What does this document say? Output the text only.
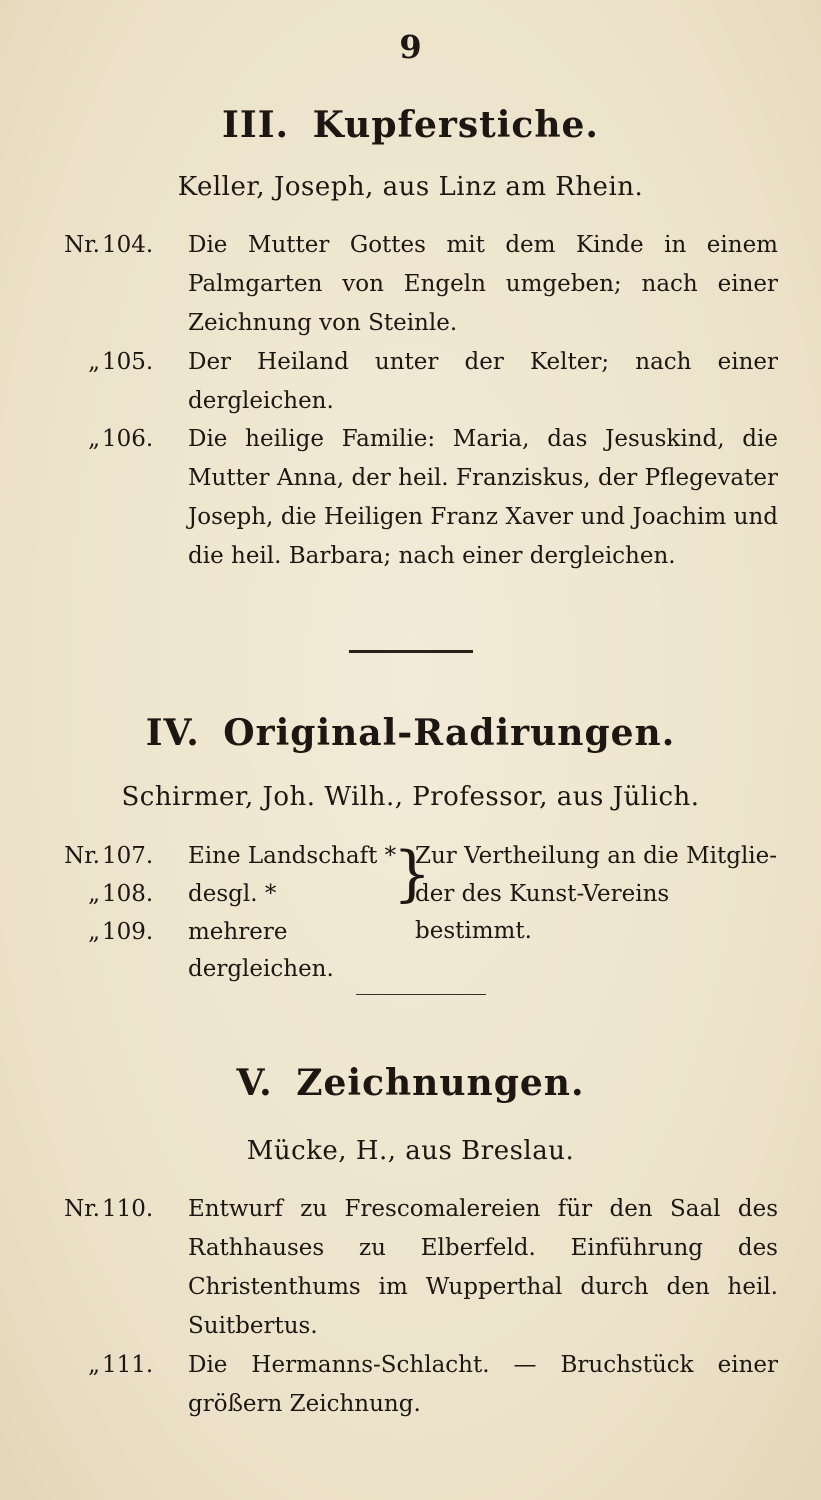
9
III. Kupferstiche.
Keller, Joseph, aus Linz am Rhein.
Nr. 104.	Die Mutter Gottes mit dem Kinde in einem Palmgarten von Engeln umgeben; nach einer Zeichnung von Steinle.
„ 105.	Der Heiland unter der Kelter; nach einer dergleichen.
„ 106.	Die heilige Familie: Maria, das Jesuskind, die Mutter Anna, der heil. Franziskus, der Pflegevater Joseph, die Heiligen Franz Xaver und Joachim und die heil. Barbara; nach einer dergleichen.
IV. Original-Radirungen.
Schirmer, Joh. Wilh., Professor, aus Jülich.
Nr. 107.	Eine Landschaft *
„ 108.	desgl. *	}
Zur Vertheilung an die Mitglie-
der des Kunst-Vereins bestimmt.
„ 109.	mehrere dergleichen.
V. Zeichnungen.
Mücke, H., aus Breslau.
Nr. 110.	Entwurf zu Frescomalereien für den Saal des Rathhauses zu Elberfeld. Einführung des Christenthums im Wupperthal durch den heil. Suitbertus.
„ 111.	Die Hermanns-Schlacht. — Bruchstück einer größern Zeichnung.
